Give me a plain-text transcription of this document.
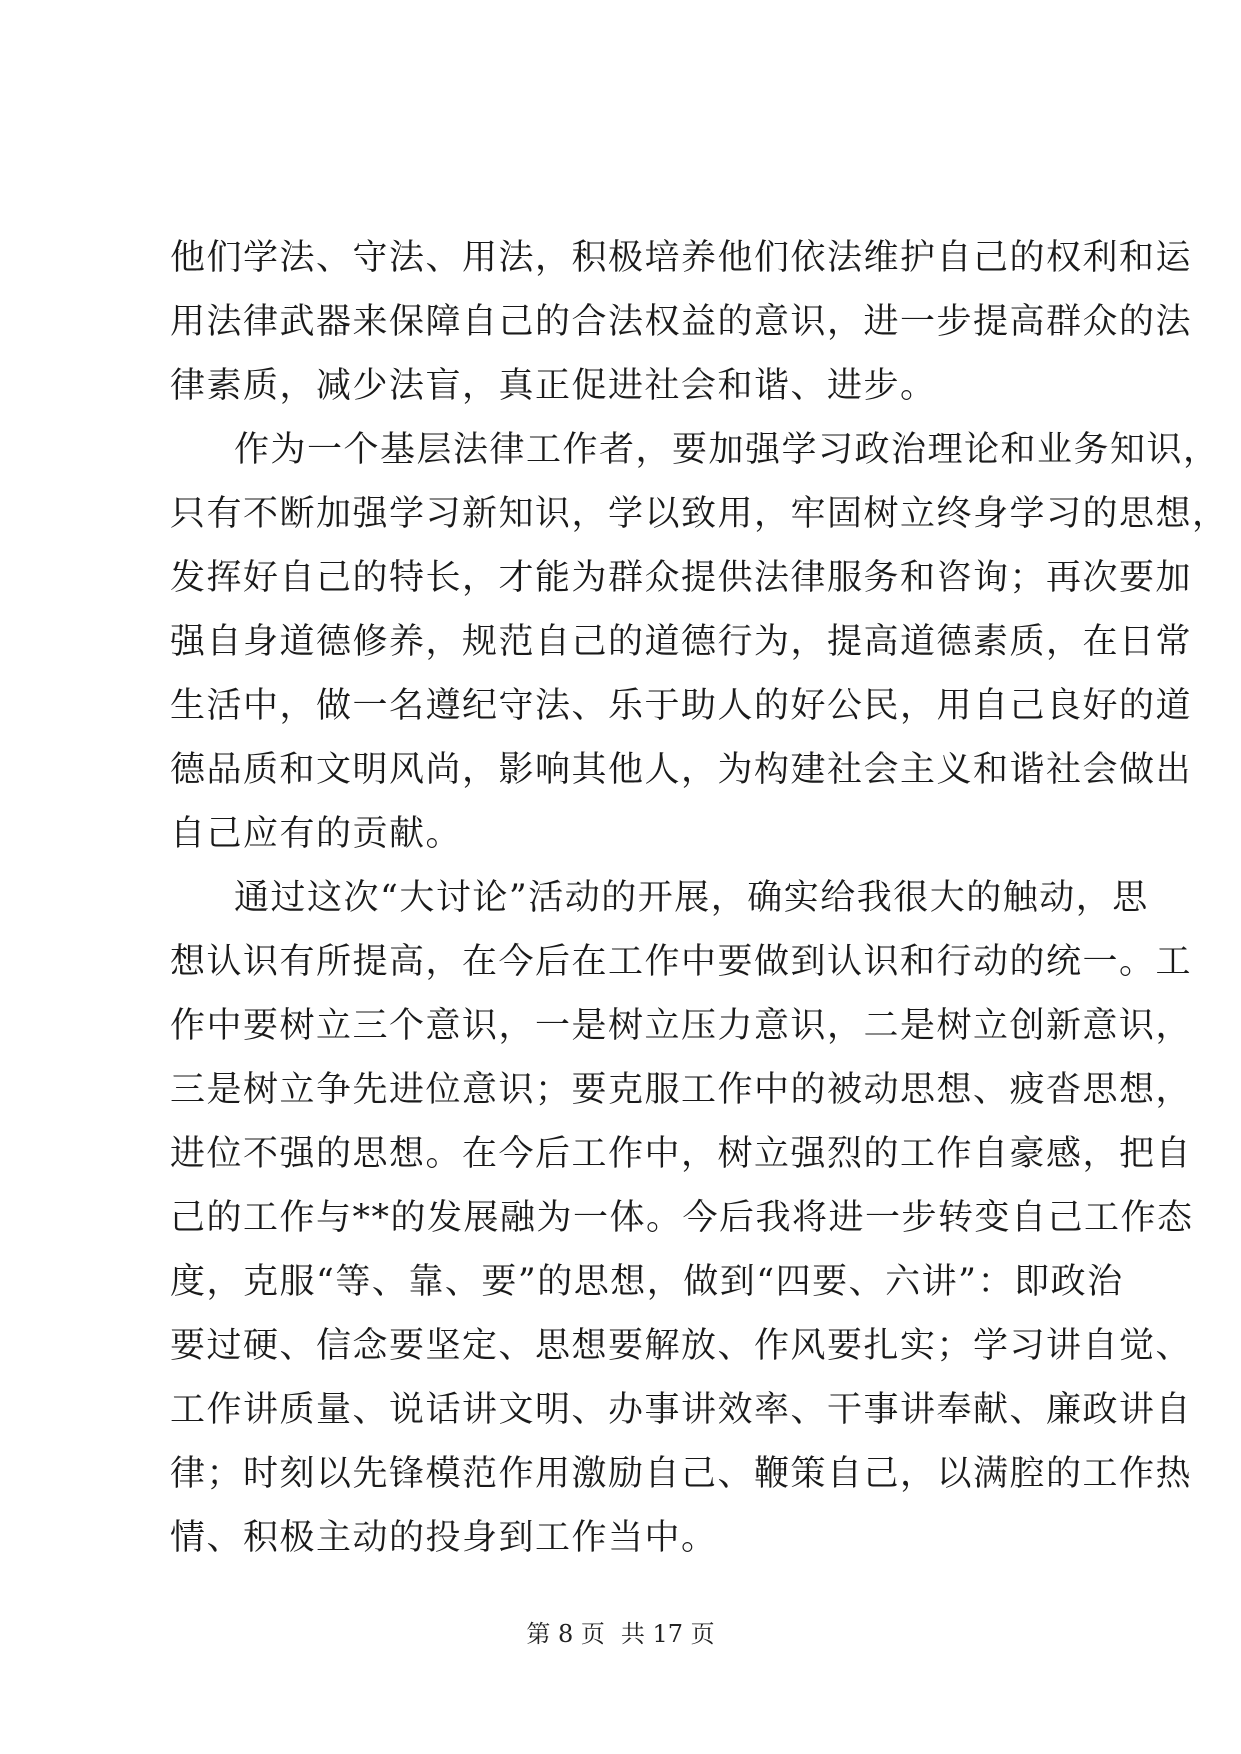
他们学法、守法、用法，积极培养他们依法维护自己的权利和运
用法律武器来保障自己的合法权益的意识，进一步提高群众的法
律素质，减少法盲，真正促进社会和谐、进步。
作为一个基层法律工作者，要加强学习政治理论和业务知识，
只有不断加强学习新知识，学以致用，牢固树立终身学习的思想，
发挥好自己的特长，才能为群众提供法律服务和咨询；再次要加
强自身道德修养，规范自己的道德行为，提高道德素质，在日常
生活中，做一名遵纪守法、乐于助人的好公民，用自己良好的道
德品质和文明风尚，影响其他人，为构建社会主义和谐社会做出
自己应有的贡献。
通过这次“大讨论”活动的开展，确实给我很大的触动，思
想认识有所提高，在今后在工作中要做到认识和行动的统一。工
作中要树立三个意识，一是树立压力意识，二是树立创新意识，
三是树立争先进位意识；要克服工作中的被动思想、疲沓思想，
进位不强的思想。在今后工作中，树立强烈的工作自豪感，把自
己的工作与**的发展融为一体。今后我将进一步转变自己工作态
度，克服“等、靠、要”的思想，做到“四要、六讲”：即政治
要过硬、信念要坚定、思想要解放、作风要扎实；学习讲自觉、
工作讲质量、说话讲文明、办事讲效率、干事讲奉献、廉政讲自
律；时刻以先锋模范作用激励自己、鞭策自己，以满腔的工作热
情、积极主动的投身到工作当中。
第 8 页 共 17 页
